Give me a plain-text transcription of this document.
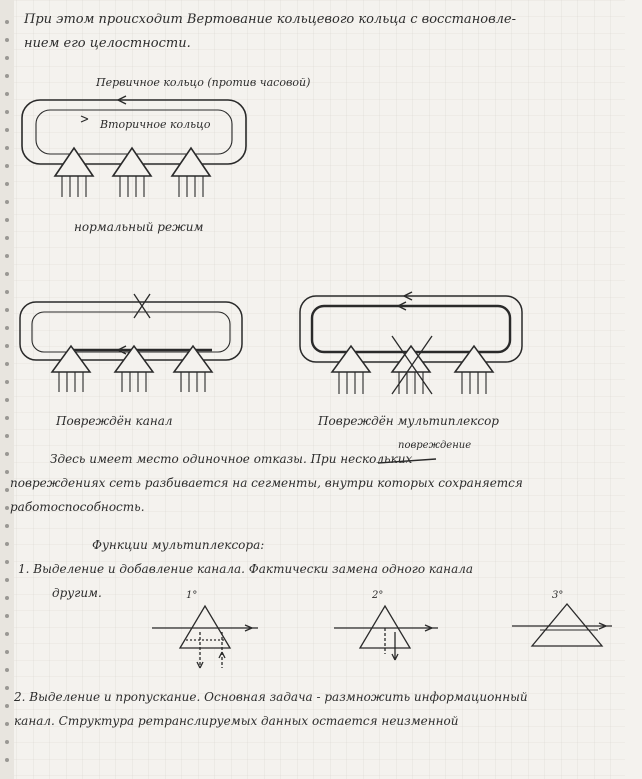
При этом происходит Вертование кольцевого кольца с восстановле-
нием его целостности.
Первичное кольцо (против часовой)
Вторичное кольцо
нормальный режим
Повреждён канал	Повреждён мультиплексор
повреждение
Здесь имеет место одиночное отказы. При нескольких
повреждениях сеть разбивается на сегменты, внутри которых сохраняется
работоспособность.
Функции мультиплексора:
1. Выделение и добавление канала. Фактически замена одного канала
другим.	1°	2°	3°
2. Выделение и пропускание. Основная задача - размножить информационный
канал. Структура ретранслируемых данных остается неизменной
